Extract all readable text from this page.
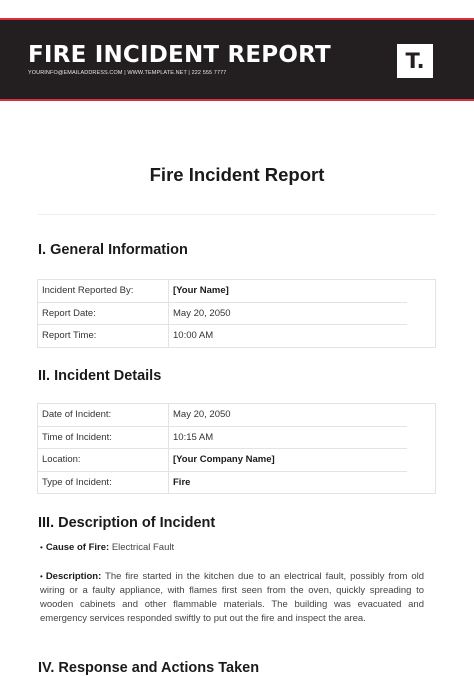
FIRE INCIDENT REPORT
YOURINFO@EMAILADDRESS.COM | WWW.TEMPLATE.NET | 222 555 7777	T.
Fire Incident Report
I. General Information
Incident Reported By:	[Your Name]	
Report Date:	May 20, 2050	
Report Time:	10:00 AM	
II. Incident Details
Date of Incident:	May 20, 2050	
Time of Incident:	10:15 AM	
Location:	[Your Company Name]	
Type of Incident:	Fire	
III. Description of Incident

• Cause of Fire: Electrical Fault

• Description: The fire started in the kitchen due to an electrical fault, possibly from old wiring or a faulty appliance, with flames first seen from the oven, quickly spreading to wooden cabinets and other flammable materials. The building was evacuated and emergency services responded swiftly to put out the fire and inspect the area.

IV. Response and Actions Taken
